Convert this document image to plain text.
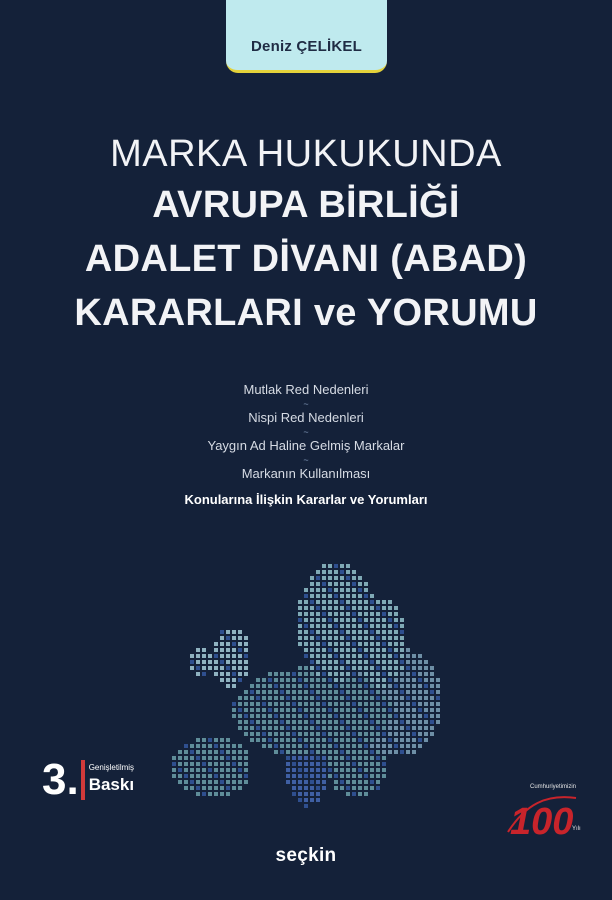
Deniz ÇELİKEL
MARKA HUKUKUNDA
AVRUPA BİRLİĞİ
ADALET DİVANI (ABAD)
KARARLARI ve YORUMU
Mutlak Red Nedenleri
~
Nispi Red Nedenleri
~
Yaygın Ad Haline Gelmiş Markalar
~
Markanın Kullanılması
Konularına İlişkin Kararlar ve Yorumları
3.	Genişletilmiş
Baskı	Cumhuriyetimizin
100
Yılı
seçkin
